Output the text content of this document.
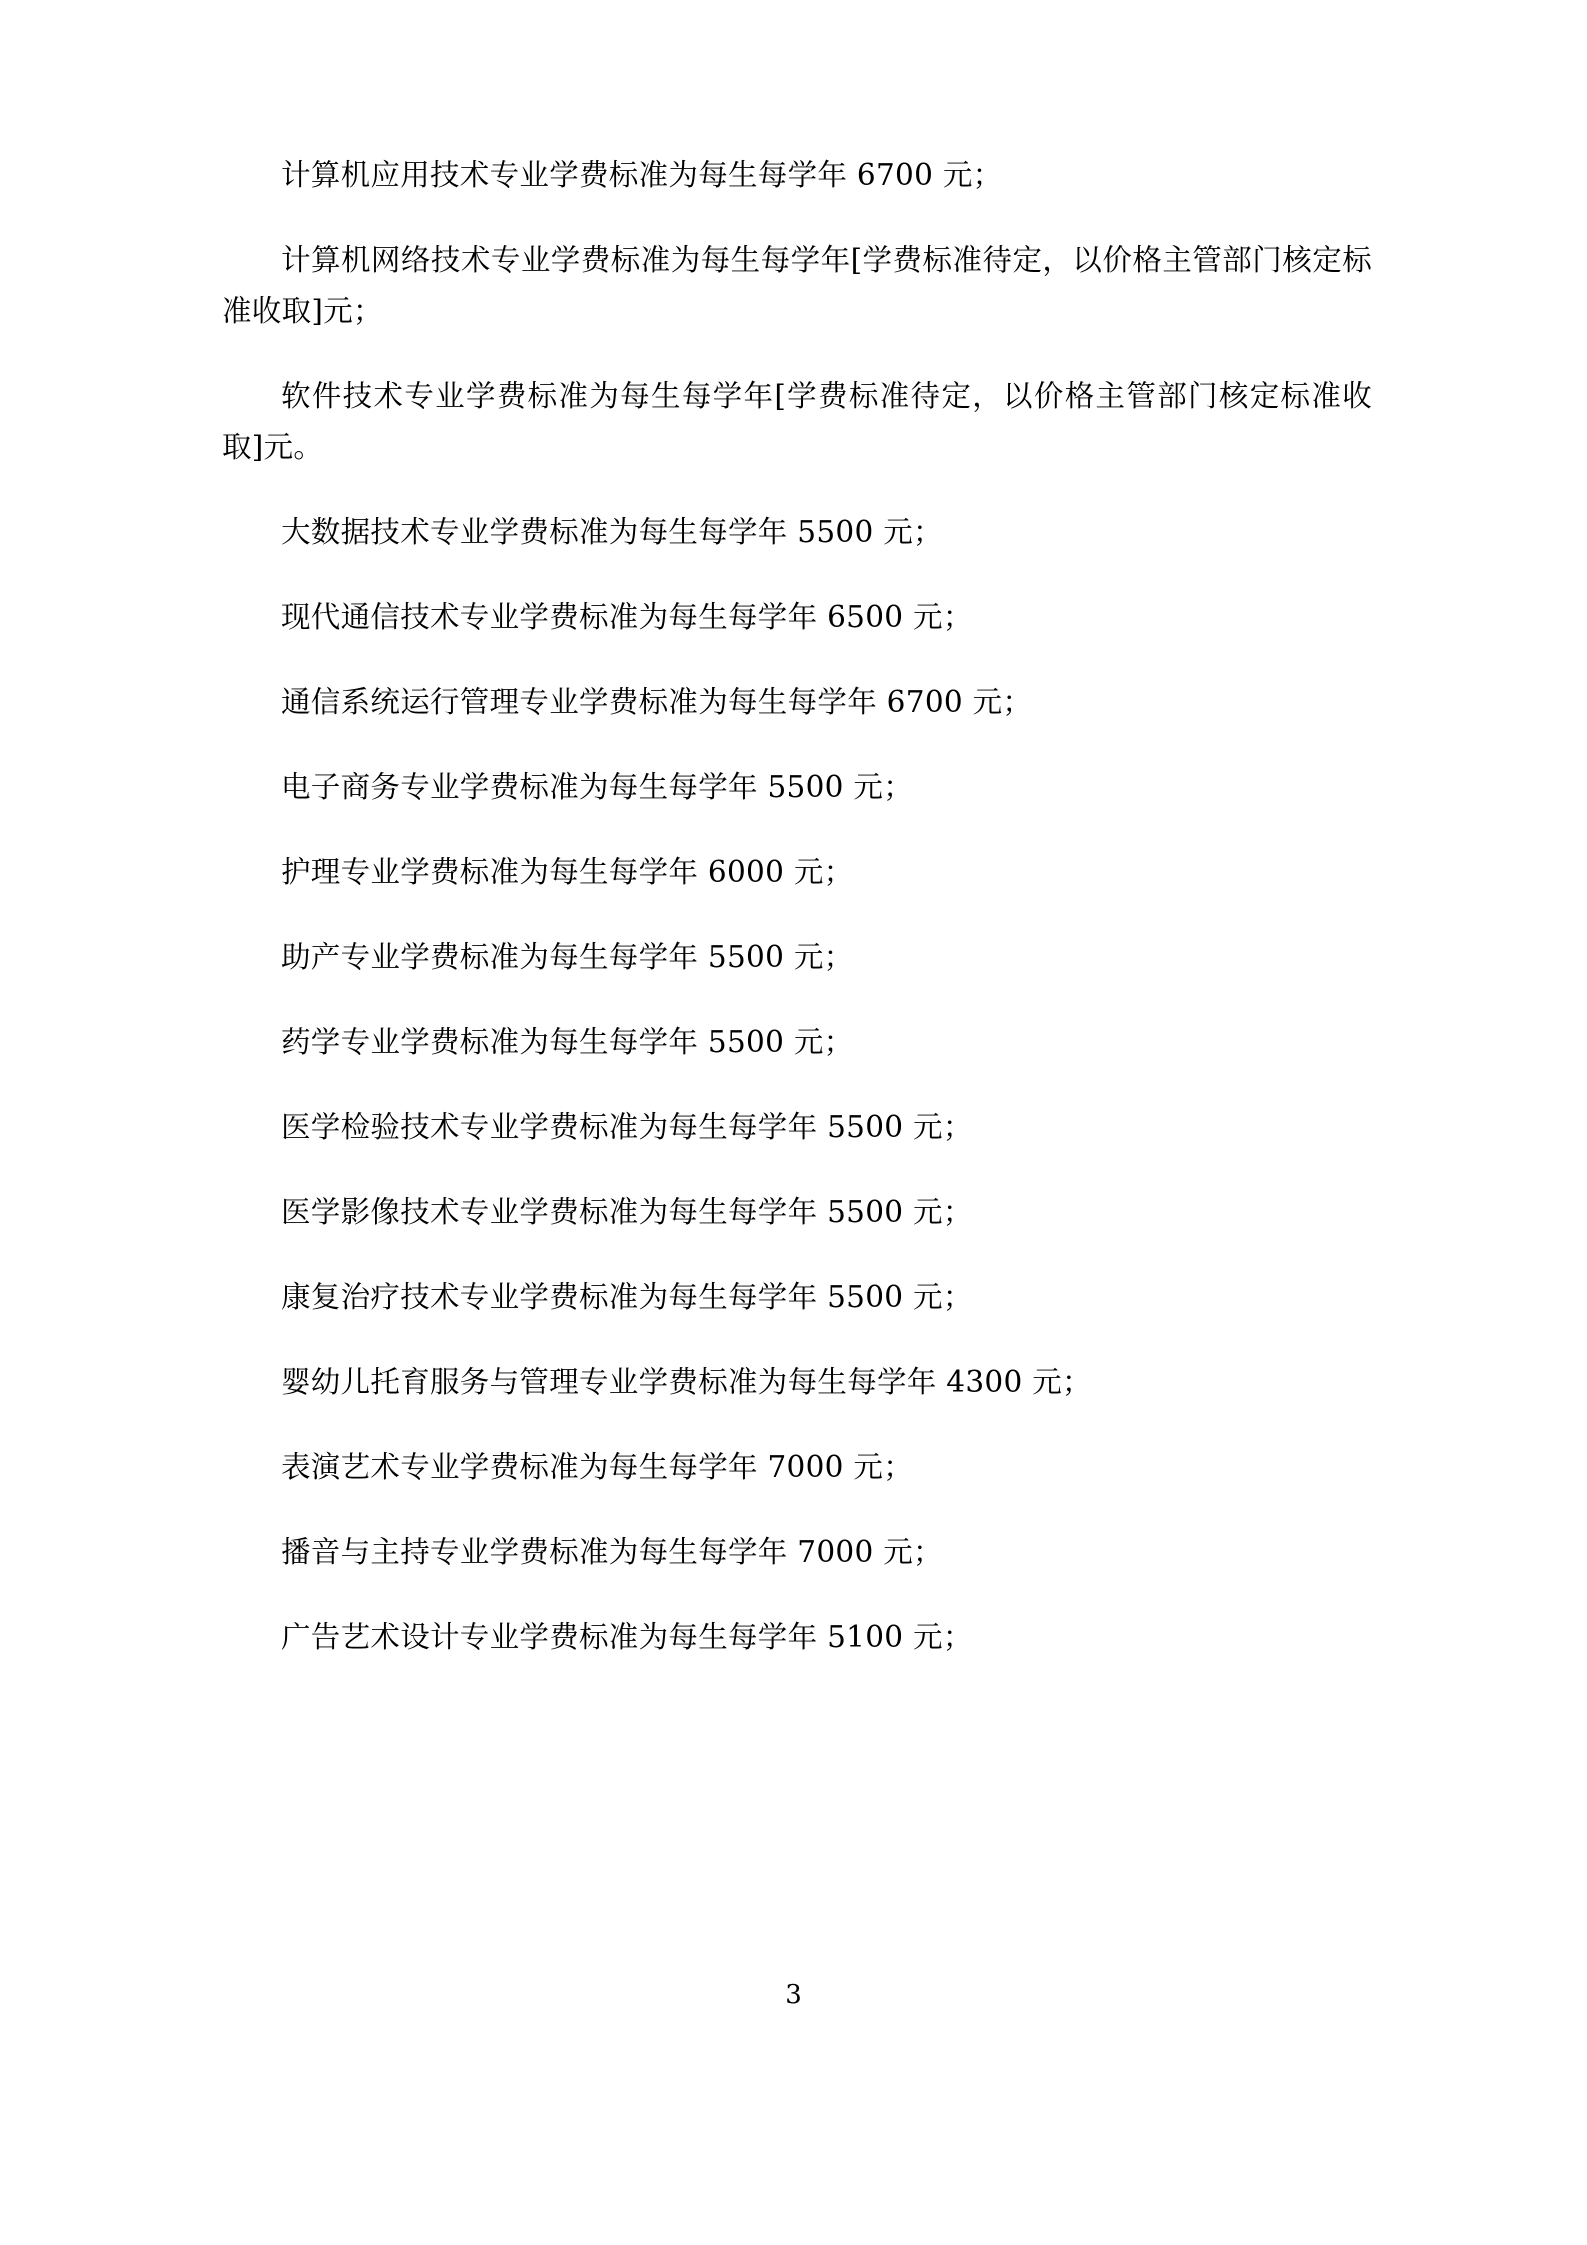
计算机应用技术专业学费标准为每生每学年 6700 元；

计算机网络技术专业学费标准为每生每学年[学费标准待定，以价格主管部门核定标准收取]元；

软件技术专业学费标准为每生每学年[学费标准待定，以价格主管部门核定标准收取]元。

大数据技术专业学费标准为每生每学年 5500 元；

现代通信技术专业学费标准为每生每学年 6500 元；

通信系统运行管理专业学费标准为每生每学年 6700 元；

电子商务专业学费标准为每生每学年 5500 元；

护理专业学费标准为每生每学年 6000 元；

助产专业学费标准为每生每学年 5500 元；

药学专业学费标准为每生每学年 5500 元；

医学检验技术专业学费标准为每生每学年 5500 元；

医学影像技术专业学费标准为每生每学年 5500 元；

康复治疗技术专业学费标准为每生每学年 5500 元；

婴幼儿托育服务与管理专业学费标准为每生每学年 4300 元；

表演艺术专业学费标准为每生每学年 7000 元；

播音与主持专业学费标准为每生每学年 7000 元；

广告艺术设计专业学费标准为每生每学年 5100 元；

3
